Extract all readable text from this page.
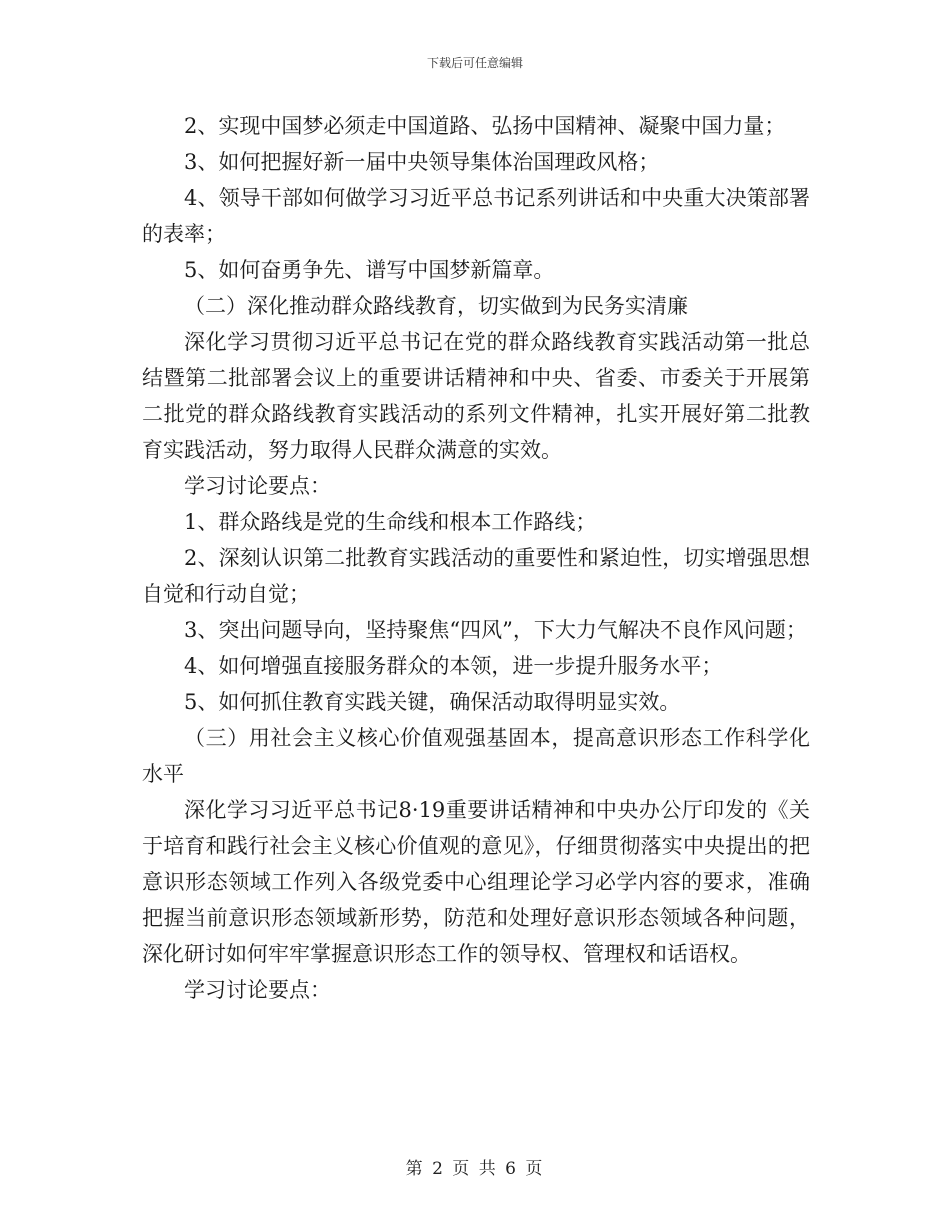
下载后可任意编辑

2、实现中国梦必须走中国道路、弘扬中国精神、凝聚中国力量；

3、如何把握好新一届中央领导集体治国理政风格；

4、领导干部如何做学习习近平总书记系列讲话和中央重大决策部署的表率；

5、如何奋勇争先、谱写中国梦新篇章。

（二）深化推动群众路线教育，切实做到为民务实清廉

深化学习贯彻习近平总书记在党的群众路线教育实践活动第一批总结暨第二批部署会议上的重要讲话精神和中央、省委、市委关于开展第二批党的群众路线教育实践活动的系列文件精神，扎实开展好第二批教育实践活动，努力取得人民群众满意的实效。

学习讨论要点：

1、群众路线是党的生命线和根本工作路线；

2、深刻认识第二批教育实践活动的重要性和紧迫性，切实增强思想自觉和行动自觉；

3、突出问题导向，坚持聚焦“四风”，下大力气解决不良作风问题；

4、如何增强直接服务群众的本领，进一步提升服务水平；

5、如何抓住教育实践关键，确保活动取得明显实效。

（三）用社会主义核心价值观强基固本，提高意识形态工作科学化水平

深化学习习近平总书记8·19重要讲话精神和中央办公厅印发的《关于培育和践行社会主义核心价值观的意见》，仔细贯彻落实中央提出的把意识形态领域工作列入各级党委中心组理论学习必学内容的要求，准确把握当前意识形态领域新形势，防范和处理好意识形态领域各种问题，深化研讨如何牢牢掌握意识形态工作的领导权、管理权和话语权。

学习讨论要点：

第 2 页 共 6 页
